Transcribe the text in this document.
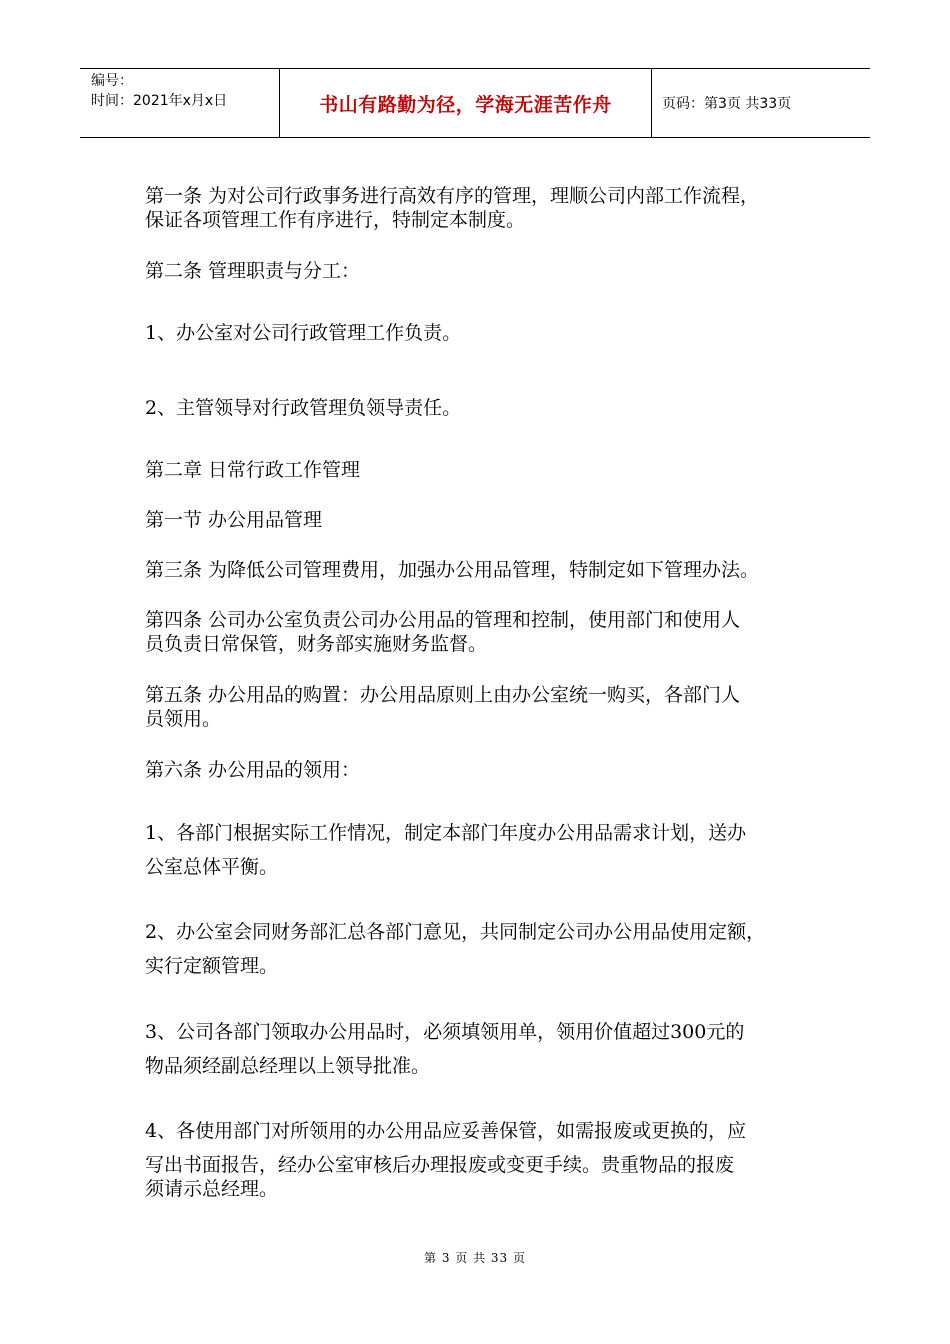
编号：
时间：2021年x月x日	书山有路勤为径，学海无涯苦作舟	页码：第3页 共33页
第一条 为对公司行政事务进行高效有序的管理，理顺公司内部工作流程，
保证各项管理工作有序进行，特制定本制度。
第二条 管理职责与分工：
1、办公室对公司行政管理工作负责。
2、主管领导对行政管理负领导责任。
第二章 日常行政工作管理
第一节 办公用品管理
第三条 为降低公司管理费用，加强办公用品管理，特制定如下管理办法。
第四条 公司办公室负责公司办公用品的管理和控制，使用部门和使用人
员负责日常保管，财务部实施财务监督。
第五条 办公用品的购置：办公用品原则上由办公室统一购买，各部门人
员领用。
第六条 办公用品的领用：
1、各部门根据实际工作情况，制定本部门年度办公用品需求计划，送办
公室总体平衡。
2、办公室会同财务部汇总各部门意见，共同制定公司办公用品使用定额，
实行定额管理。
3、公司各部门领取办公用品时，必须填领用单，领用价值超过300元的
物品须经副总经理以上领导批准。
4、各使用部门对所领用的办公用品应妥善保管，如需报废或更换的，应
写出书面报告，经办公室审核后办理报废或变更手续。贵重物品的报废
须请示总经理。
第 3 页 共 33 页
